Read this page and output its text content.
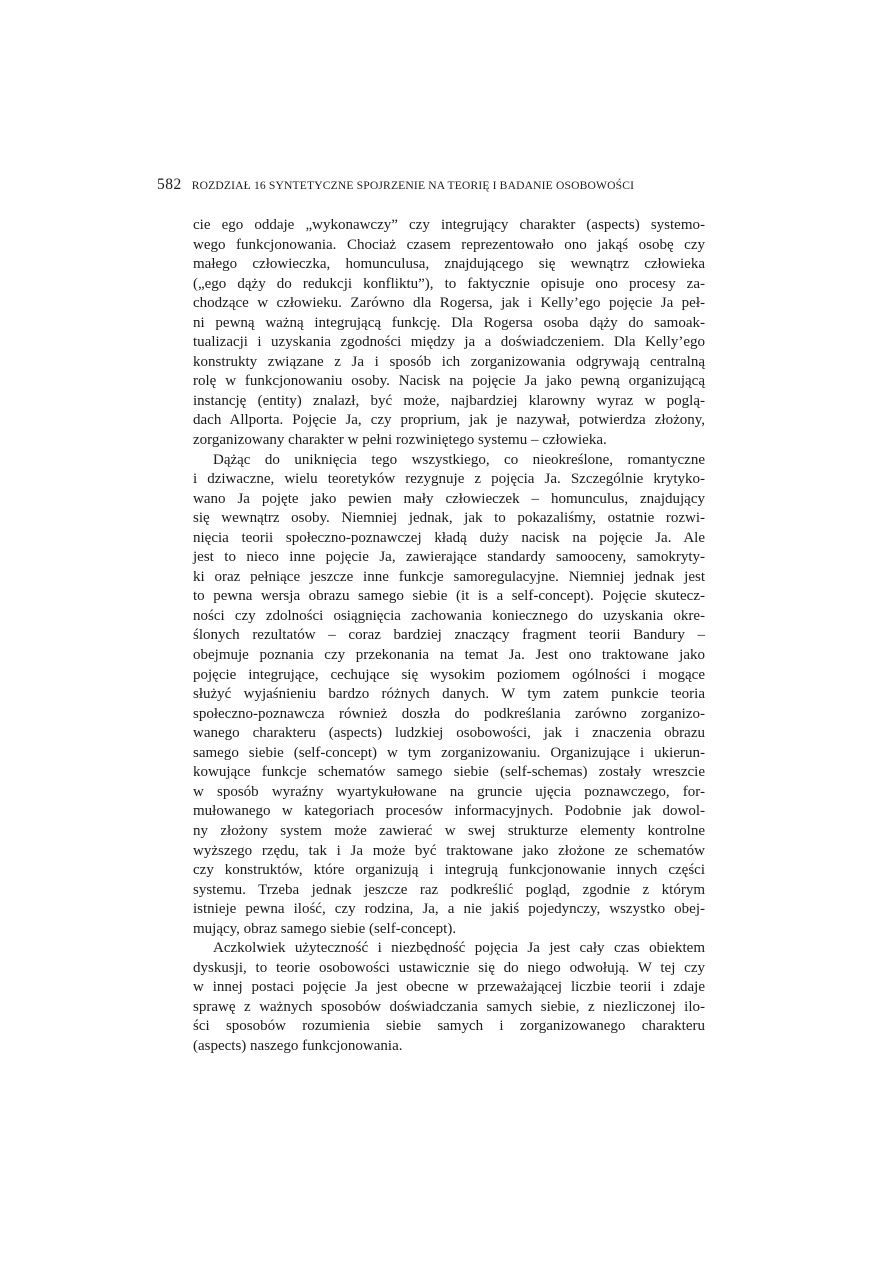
582 ROZDZIAŁ 16 SYNTETYCZNE SPOJRZENIE NA TEORIĘ I BADANIE OSOBOWOŚCI
cie ego oddaje „wykonawczy” czy integrujący charakter (aspects) systemo-
wego funkcjonowania. Chociaż czasem reprezentowało ono jakąś osobę czy
małego człowieczka, homunculusa, znajdującego się wewnątrz człowieka
(„ego dąży do redukcji konfliktu”), to faktycznie opisuje ono procesy za-
chodzące w człowieku. Zarówno dla Rogersa, jak i Kelly’ego pojęcie Ja peł-
ni pewną ważną integrującą funkcję. Dla Rogersa osoba dąży do samoak-
tualizacji i uzyskania zgodności między ja a doświadczeniem. Dla Kelly’ego
konstrukty związane z Ja i sposób ich zorganizowania odgrywają centralną
rolę w funkcjonowaniu osoby. Nacisk na pojęcie Ja jako pewną organizującą
instancję (entity) znalazł, być może, najbardziej klarowny wyraz w poglą-
dach Allporta. Pojęcie Ja, czy proprium, jak je nazywał, potwierdza złożony,
zorganizowany charakter w pełni rozwiniętego systemu – człowieka.
Dążąc do uniknięcia tego wszystkiego, co nieokreślone, romantyczne
i dziwaczne, wielu teoretyków rezygnuje z pojęcia Ja. Szczególnie krytyko-
wano Ja pojęte jako pewien mały człowieczek – homunculus, znajdujący
się wewnątrz osoby. Niemniej jednak, jak to pokazaliśmy, ostatnie rozwi-
nięcia teorii społeczno-poznawczej kładą duży nacisk na pojęcie Ja. Ale
jest to nieco inne pojęcie Ja, zawierające standardy samooceny, samokryty-
ki oraz pełniące jeszcze inne funkcje samoregulacyjne. Niemniej jednak jest
to pewna wersja obrazu samego siebie (it is a self-concept). Pojęcie skutecz-
ności czy zdolności osiągnięcia zachowania koniecznego do uzyskania okre-
ślonych rezultatów – coraz bardziej znaczący fragment teorii Bandury –
obejmuje poznania czy przekonania na temat Ja. Jest ono traktowane jako
pojęcie integrujące, cechujące się wysokim poziomem ogólności i mogące
służyć wyjaśnieniu bardzo różnych danych. W tym zatem punkcie teoria
społeczno-poznawcza również doszła do podkreślania zarówno zorganizo-
wanego charakteru (aspects) ludzkiej osobowości, jak i znaczenia obrazu
samego siebie (self-concept) w tym zorganizowaniu. Organizujące i ukierun-
kowujące funkcje schematów samego siebie (self-schemas) zostały wreszcie
w sposób wyraźny wyartykułowane na gruncie ujęcia poznawczego, for-
mułowanego w kategoriach procesów informacyjnych. Podobnie jak dowol-
ny złożony system może zawierać w swej strukturze elementy kontrolne
wyższego rzędu, tak i Ja może być traktowane jako złożone ze schematów
czy konstruktów, które organizują i integrują funkcjonowanie innych części
systemu. Trzeba jednak jeszcze raz podkreślić pogląd, zgodnie z którym
istnieje pewna ilość, czy rodzina, Ja, a nie jakiś pojedynczy, wszystko obej-
mujący, obraz samego siebie (self-concept).
Aczkolwiek użyteczność i niezbędność pojęcia Ja jest cały czas obiektem
dyskusji, to teorie osobowości ustawicznie się do niego odwołują. W tej czy
w innej postaci pojęcie Ja jest obecne w przeważającej liczbie teorii i zdaje
sprawę z ważnych sposobów doświadczania samych siebie, z niezliczonej ilo-
ści sposobów rozumienia siebie samych i zorganizowanego charakteru
(aspects) naszego funkcjonowania.
